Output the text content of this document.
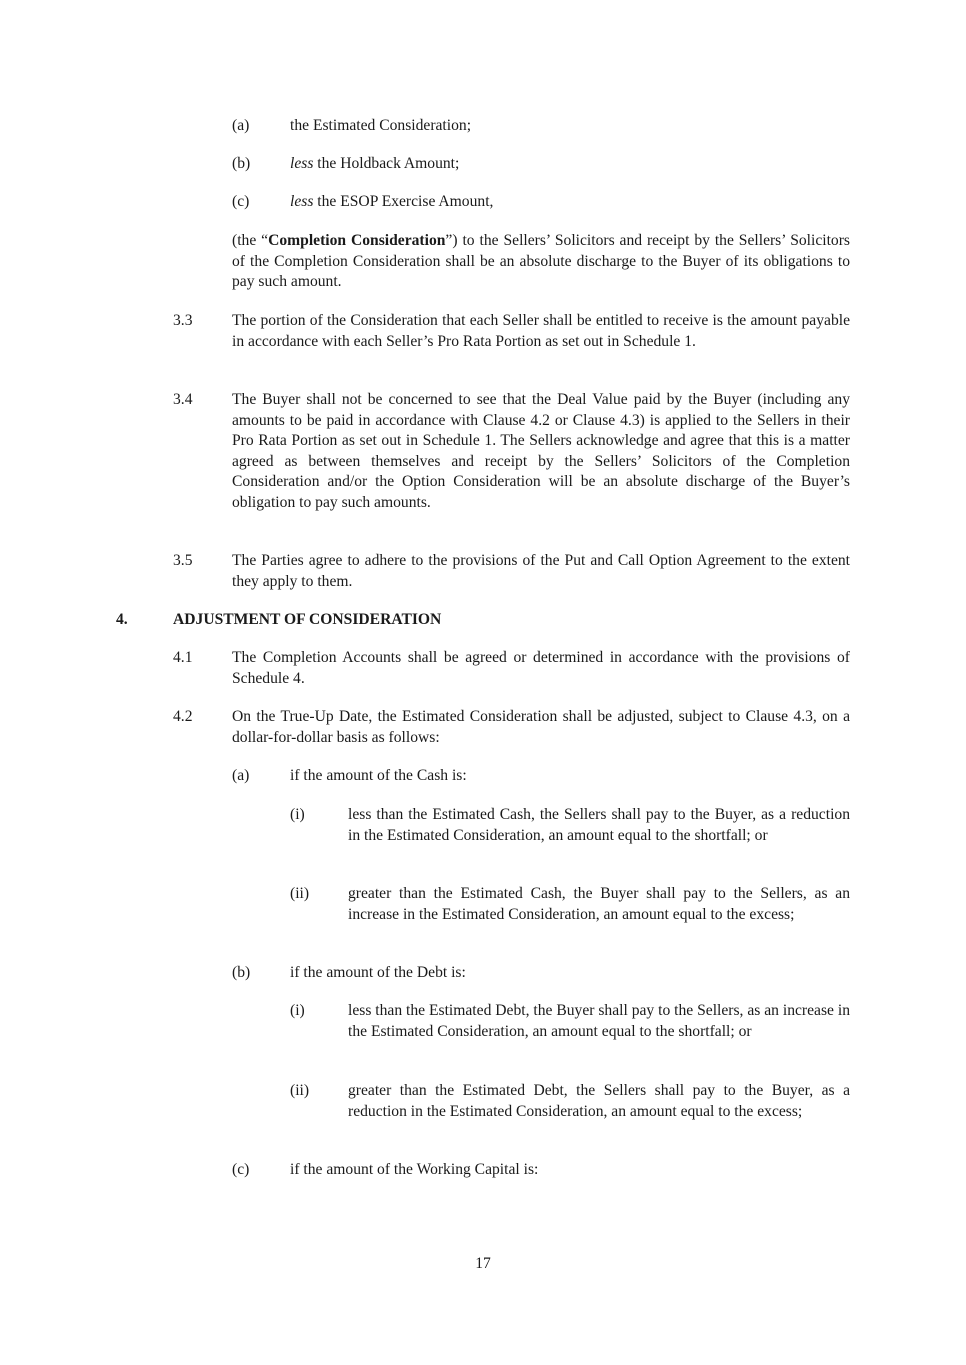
(a)	the Estimated Consideration;
(b)	less the Holdback Amount;
(c)	less the ESOP Exercise Amount,
(the “Completion Consideration”) to the Sellers’ Solicitors and receipt by the Sellers’ Solicitors of the Completion Consideration shall be an absolute discharge to the Buyer of its obligations to pay such amount.
3.3	The portion of the Consideration that each Seller shall be entitled to receive is the amount payable in accordance with each Seller’s Pro Rata Portion as set out in Schedule 1.
3.4	The Buyer shall not be concerned to see that the Deal Value paid by the Buyer (including any amounts to be paid in accordance with Clause 4.2 or Clause 4.3) is applied to the Sellers in their Pro Rata Portion as set out in Schedule 1. The Sellers acknowledge and agree that this is a matter agreed as between themselves and receipt by the Sellers’ Solicitors of the Completion Consideration and/or the Option Consideration will be an absolute discharge of the Buyer’s obligation to pay such amounts.
3.5	The Parties agree to adhere to the provisions of the Put and Call Option Agreement to the extent they apply to them.
4.	ADJUSTMENT OF CONSIDERATION
4.1	The Completion Accounts shall be agreed or determined in accordance with the provisions of Schedule 4.
4.2	On the True-Up Date, the Estimated Consideration shall be adjusted, subject to Clause 4.3, on a dollar-for-dollar basis as follows:
(a)	if the amount of the Cash is:
(i)	less than the Estimated Cash, the Sellers shall pay to the Buyer, as a reduction in the Estimated Consideration, an amount equal to the shortfall; or
(ii) greater than the Estimated Cash, the Buyer shall pay to the Sellers, as an increase in the Estimated Consideration, an amount equal to the excess;
(b)	if the amount of the Debt is:
(i)	less than the Estimated Debt, the Buyer shall pay to the Sellers, as an increase in the Estimated Consideration, an amount equal to the shortfall; or
(ii) greater than the Estimated Debt, the Sellers shall pay to the Buyer, as a reduction in the Estimated Consideration, an amount equal to the excess;
(c)	if the amount of the Working Capital is:
17
